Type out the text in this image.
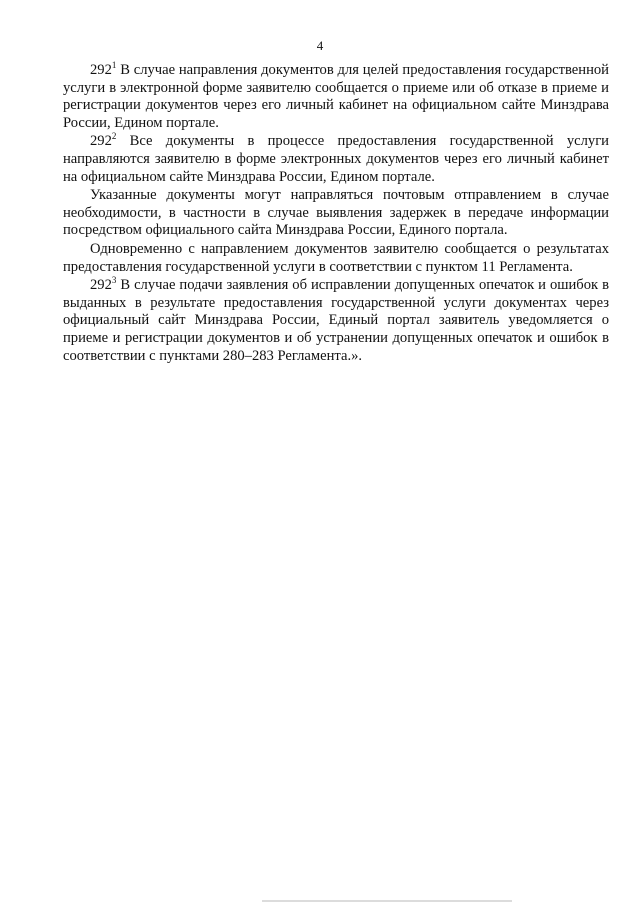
4

$292^1$ В случае направления документов для целей предоставления государственной услуги в электронной форме заявителю сообщается о приеме или об отказе в приеме и регистрации документов через его личный кабинет на официальном сайте Минздрава России, Едином портале.

$292^2$ Все документы в процессе предоставления государственной услуги направляются заявителю в форме электронных документов через его личный кабинет на официальном сайте Минздрава России, Едином портале.

Указанные документы могут направляться почтовым отправлением в случае необходимости, в частности в случае выявления задержек в передаче информации посредством официального сайта Минздрава России, Единого портала.

Одновременно с направлением документов заявителю сообщается о результатах предоставления государственной услуги в соответствии с пунктом 11 Регламента.

$292^3$ В случае подачи заявления об исправлении допущенных опечаток и ошибок в выданных в результате предоставления государственной услуги документах через официальный сайт Минздрава России, Единый портал заявитель уведомляется о приеме и регистрации документов и об устранении допущенных опечаток и ошибок в соответствии с пунктами 280–283 Регламента.».
